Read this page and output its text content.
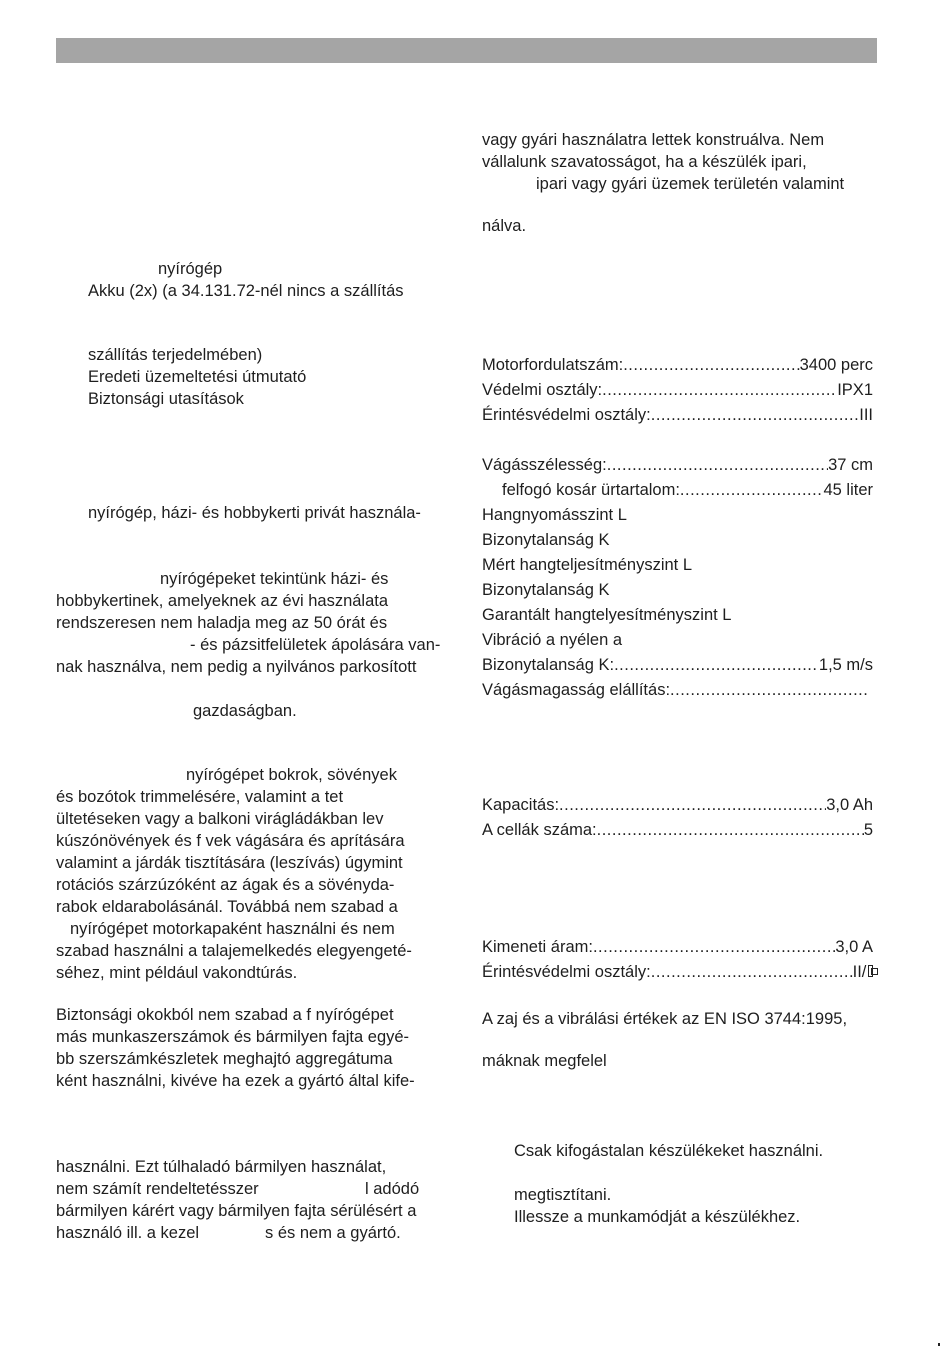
nyírógép
Akku (2x) (a 34.131.72-nél nincs a szállítás
szállítás terjedelmében)
Eredeti üzemeltetési útmutató
Biztonsági utasítások
nyírógép, házi- és hobbykerti privát használa-
nyírógépeket tekintünk házi- és
hobbykertinek, amelyeknek az évi használata
rendszeresen nem haladja meg az 50 órát és
- és pázsitfelületek ápolására van-
nak használva, nem pedig a nyilvános parkosított
gazdaságban.
nyírógépet bokrok, sövények
és bozótok trimmelésére, valamint a tet
ültetéseken vagy a balkoni virágládákban lev
kúszónövények és f vek vágására és aprítására
valamint a járdák tisztítására (leszívás) úgymint
rotációs szárzúzóként az ágak és a sövényda-
rabok eldarabolásánál. Továbbá nem szabad a
nyírógépet motorkapaként használni és nem
szabad használni a talajemelkedés elegyengeté-
séhez, mint például vakondtúrás.
Biztonsági okokból nem szabad a f nyírógépet
más munkaszerszámok és bármilyen fajta egyé-
bb szerszámkészletek meghajtó aggregátuma
ként használni, kivéve ha ezek a gyártó által kife-
használni. Ezt túlhaladó bármilyen használat,
nem számít rendeltetésszer	l adódó
bármilyen kárért vagy bármilyen fajta sérülésért a
használó ill. a kezel	s és nem a gyártó.
vagy gyári használatra lettek konstruálva. Nem
vállalunk szavatosságot, ha a készülék ipari,
ipari vagy gyári üzemek területén valamint
nálva.
Motorfordulatszám: .....	3400 perc
Védelmi osztály: .....	IPX1
Érintésvédelmi osztály: .....	III
Vágásszélesség: .....	37 cm
felfogó kosár ürtartalom: .....	45 liter
Hangnyomásszint L
Bizonytalanság K
Mért hangteljesítményszint L
Bizonytalanság K
Garantált hangtelyesítményszint L
Vibráció a nyélen a
Bizonytalanság K: .....	1,5 m/s
Vágásmagasság elállítás:
.....
Kapacitás: .....	3,0 Ah
A cellák száma: .....	5
Kimeneti áram: .....	3,0 A
Érintésvédelmi osztály: .....	II/
A zaj és a vibrálási értékek az EN ISO 3744:1995,
máknak megfelel
Csak kifogástalan készülékeket használni.
megtisztítani.
Illessze a munkamódját a készülékhez.
